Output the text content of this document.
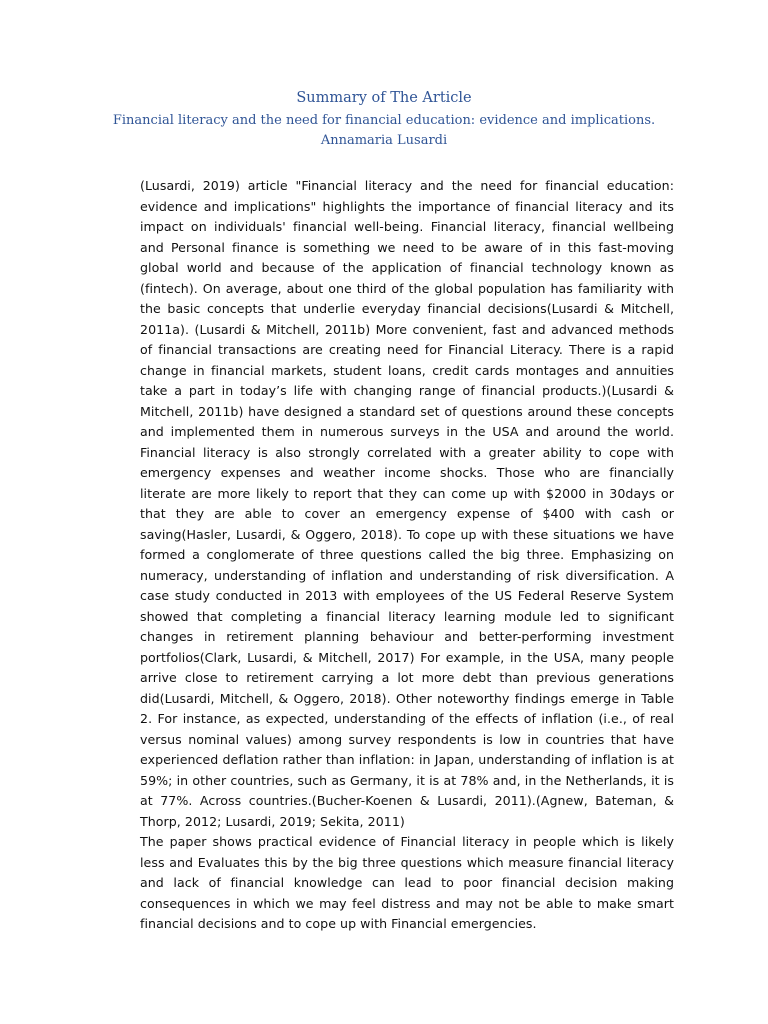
Summary of The Article
Financial literacy and the need for financial education: evidence and implications. Annamaria Lusardi

(Lusardi, 2019) article "Financial literacy and the need for financial education: evidence and implications" highlights the importance of financial literacy and its impact on individuals' financial well-being. Financial literacy, financial wellbeing and Personal finance is something we need to be aware of in this fast-moving global world and because of the application of financial technology known as (fintech). On average, about one third of the global population has familiarity with the basic concepts that underlie everyday financial decisions(Lusardi & Mitchell, 2011a). (Lusardi & Mitchell, 2011b) More convenient, fast and advanced methods of financial transactions are creating need for Financial Literacy. There is a rapid change in financial markets, student loans, credit cards montages and annuities take a part in today’s life with changing range of financial products.)(Lusardi & Mitchell, 2011b) have designed a standard set of questions around these concepts and implemented them in numerous surveys in the USA and around the world. Financial literacy is also strongly correlated with a greater ability to cope with emergency expenses and weather income shocks. Those who are financially literate are more likely to report that they can come up with $2000 in 30days or that they are able to cover an emergency expense of $400 with cash or saving(Hasler, Lusardi, & Oggero, 2018). To cope up with these situations we have formed a conglomerate of three questions called the big three. Emphasizing on numeracy, understanding of inflation and understanding of risk diversification. A case study conducted in 2013 with employees of the US Federal Reserve System showed that completing a financial literacy learning module led to significant changes in retirement planning behaviour and better-performing investment portfolios(Clark, Lusardi, & Mitchell, 2017) For example, in the USA, many people arrive close to retirement carrying a lot more debt than previous generations did(Lusardi, Mitchell, & Oggero, 2018). Other noteworthy findings emerge in Table 2. For instance, as expected, understanding of the effects of inflation (i.e., of real versus nominal values) among survey respondents is low in countries that have experienced deflation rather than inflation: in Japan, understanding of inflation is at 59%; in other countries, such as Germany, it is at 78% and, in the Netherlands, it is at 77%. Across countries.(Bucher-Koenen & Lusardi, 2011).(Agnew, Bateman, & Thorp, 2012; Lusardi, 2019; Sekita, 2011)

The paper shows practical evidence of Financial literacy in people which is likely less and Evaluates this by the big three questions which measure financial literacy and lack of financial knowledge can lead to poor financial decision making consequences in which we may feel distress and may not be able to make smart financial decisions and to cope up with Financial emergencies.
